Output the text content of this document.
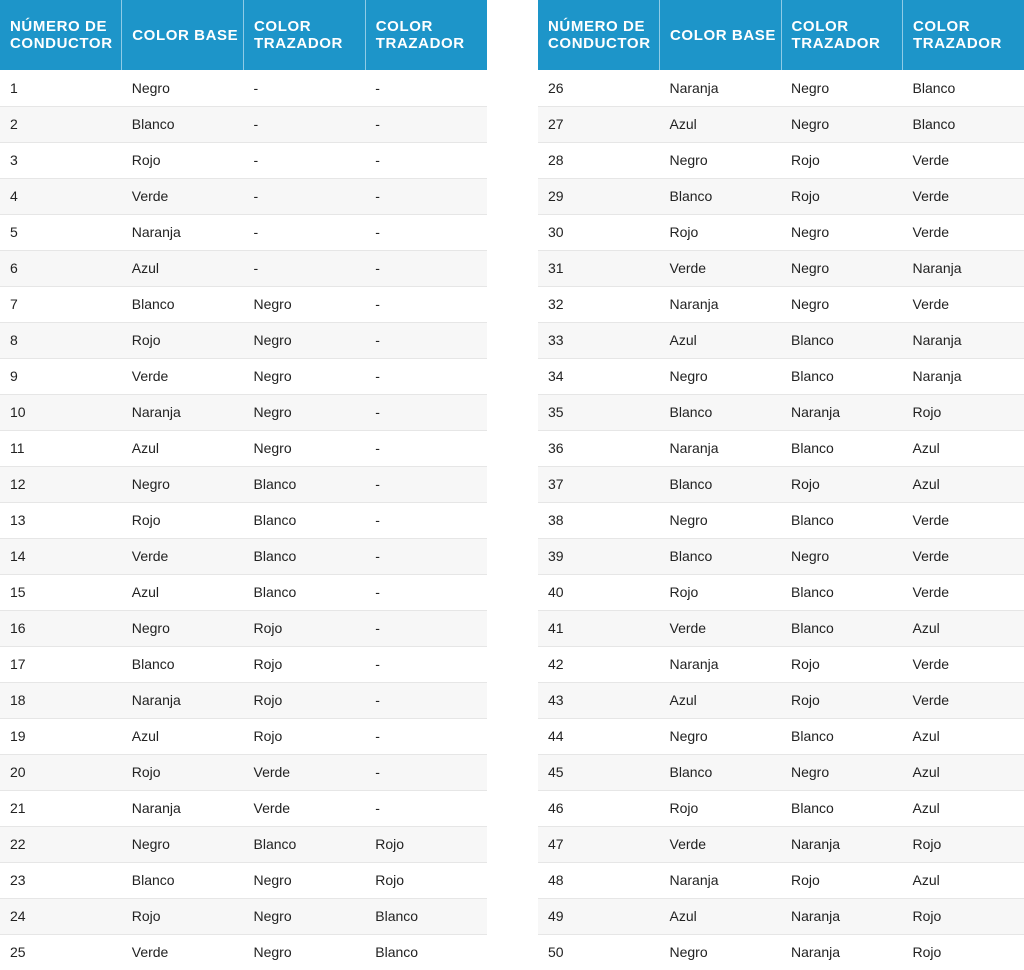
NÚMERO DE CONDUCTOR	COLOR BASE	COLOR TRAZADOR	COLOR TRAZADOR
1	Negro	-	-
2	Blanco	-	-
3	Rojo	-	-
4	Verde	-	-
5	Naranja	-	-
6	Azul	-	-
7	Blanco	Negro	-
8	Rojo	Negro	-
9	Verde	Negro	-
10	Naranja	Negro	-
11	Azul	Negro	-
12	Negro	Blanco	-
13	Rojo	Blanco	-
14	Verde	Blanco	-
15	Azul	Blanco	-
16	Negro	Rojo	-
17	Blanco	Rojo	-
18	Naranja	Rojo	-
19	Azul	Rojo	-
20	Rojo	Verde	-
21	Naranja	Verde	-
22	Negro	Blanco	Rojo
23	Blanco	Negro	Rojo
24	Rojo	Negro	Blanco
25	Verde	Negro	Blanco
NÚMERO DE CONDUCTOR	COLOR BASE	COLOR TRAZADOR	COLOR TRAZADOR
26	Naranja	Negro	Blanco
27	Azul	Negro	Blanco
28	Negro	Rojo	Verde
29	Blanco	Rojo	Verde
30	Rojo	Negro	Verde
31	Verde	Negro	Naranja
32	Naranja	Negro	Verde
33	Azul	Blanco	Naranja
34	Negro	Blanco	Naranja
35	Blanco	Naranja	Rojo
36	Naranja	Blanco	Azul
37	Blanco	Rojo	Azul
38	Negro	Blanco	Verde
39	Blanco	Negro	Verde
40	Rojo	Blanco	Verde
41	Verde	Blanco	Azul
42	Naranja	Rojo	Verde
43	Azul	Rojo	Verde
44	Negro	Blanco	Azul
45	Blanco	Negro	Azul
46	Rojo	Blanco	Azul
47	Verde	Naranja	Rojo
48	Naranja	Rojo	Azul
49	Azul	Naranja	Rojo
50	Negro	Naranja	Rojo
